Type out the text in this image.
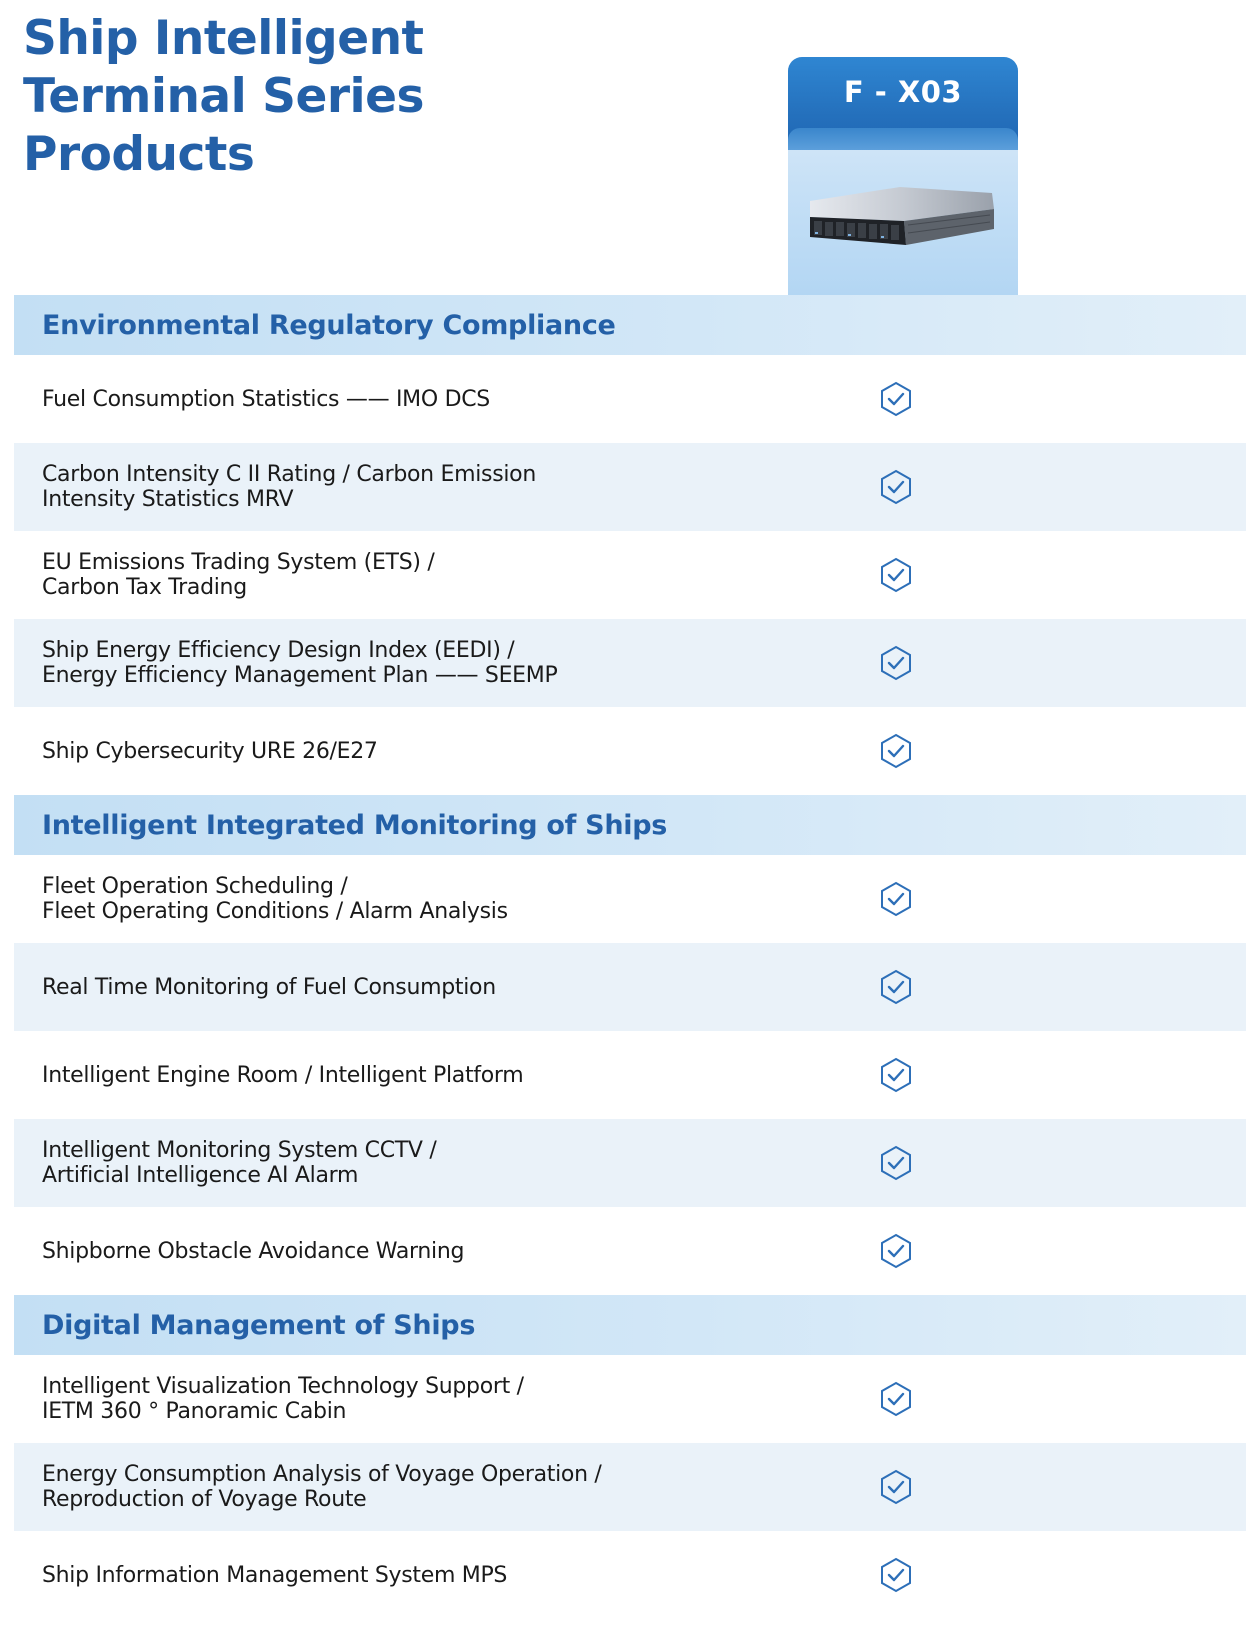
Ship Intelligent
Terminal Series
Products
F - X03
Environmental Regulatory Compliance
Fuel Consumption Statistics —— IMO DCS
Carbon Intensity C II Rating / Carbon Emission
Intensity Statistics MRV
EU Emissions Trading System (ETS) /
Carbon Tax Trading
Ship Energy Efficiency Design Index (EEDI) /
Energy Efficiency Management Plan —— SEEMP
Ship Cybersecurity URE 26/E27
Intelligent Integrated Monitoring of Ships
Fleet Operation Scheduling /
Fleet Operating Conditions / Alarm Analysis
Real Time Monitoring of Fuel Consumption
Intelligent Engine Room / Intelligent Platform
Intelligent Monitoring System CCTV /
Artificial Intelligence AI Alarm
Shipborne Obstacle Avoidance Warning
Digital Management of Ships
Intelligent Visualization Technology Support /
IETM 360 ° Panoramic Cabin
Energy Consumption Analysis of Voyage Operation /
Reproduction of Voyage Route
Ship Information Management System MPS
